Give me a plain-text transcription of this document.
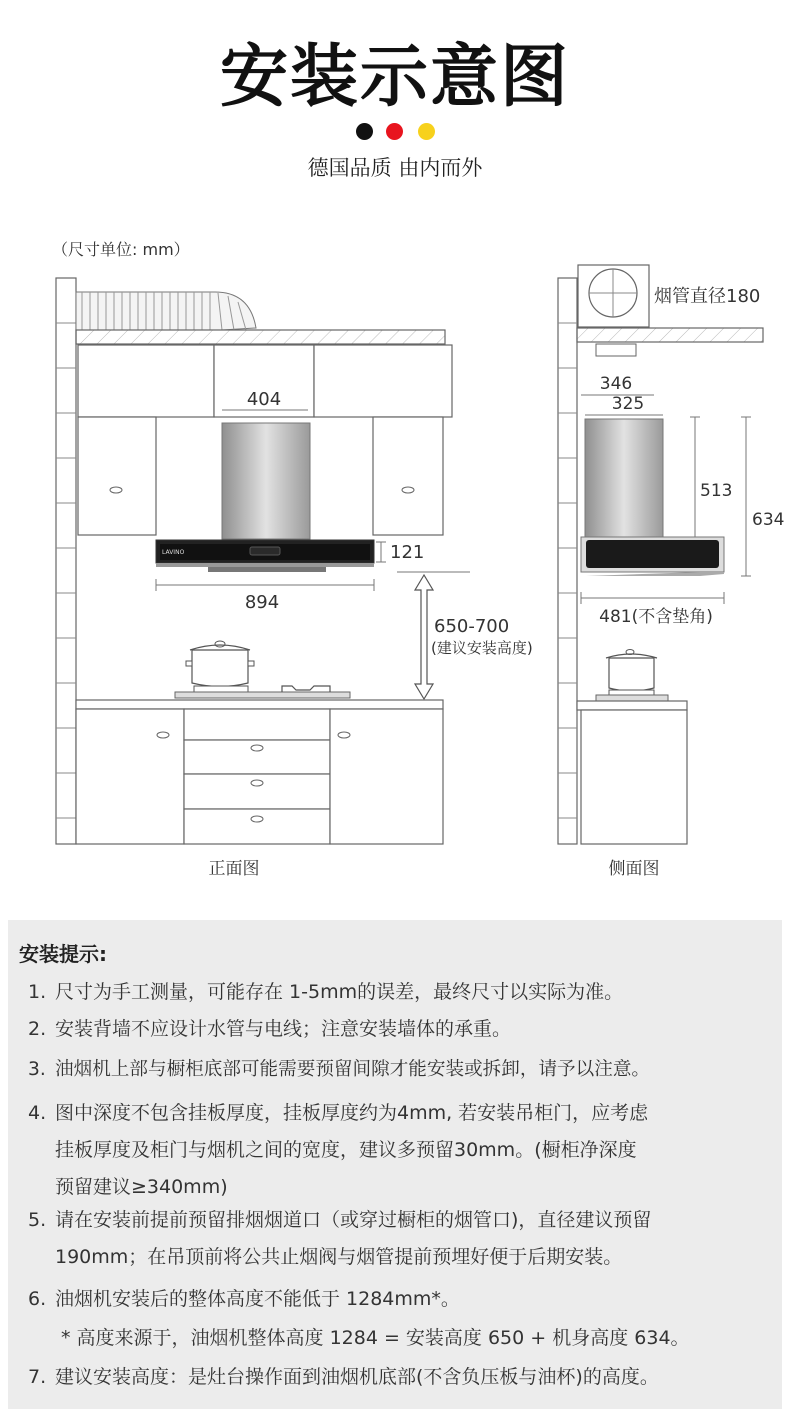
安装示意图
德国品质 由内而外
（尺寸单位: mm）
404
LAVINO	121
894
650-700
(建议安装高度)
正面图
烟管直径180
346
325
513
634
481(不含垫角)
侧面图
安装提示:
1. 尺寸为手工测量，可能存在 1-5mm的误差，最终尺寸以实际为准。
2. 安装背墙不应设计水管与电线；注意安装墙体的承重。
3. 油烟机上部与橱柜底部可能需要预留间隙才能安装或拆卸，请予以注意。
4. 图中深度不包含挂板厚度，挂板厚度约为4mm, 若安装吊柜门，应考虑
挂板厚度及柜门与烟机之间的宽度，建议多预留30mm。(橱柜净深度
预留建议≥340mm)
5. 请在安装前提前预留排烟烟道口（或穿过橱柜的烟管口)，直径建议预留
190mm；在吊顶前将公共止烟阀与烟管提前预埋好便于后期安装。
6. 油烟机安装后的整体高度不能低于 1284mm*。
* 高度来源于，油烟机整体高度 1284 = 安装高度 650 + 机身高度 634。
7. 建议安装高度：是灶台操作面到油烟机底部(不含负压板与油杯)的高度。
